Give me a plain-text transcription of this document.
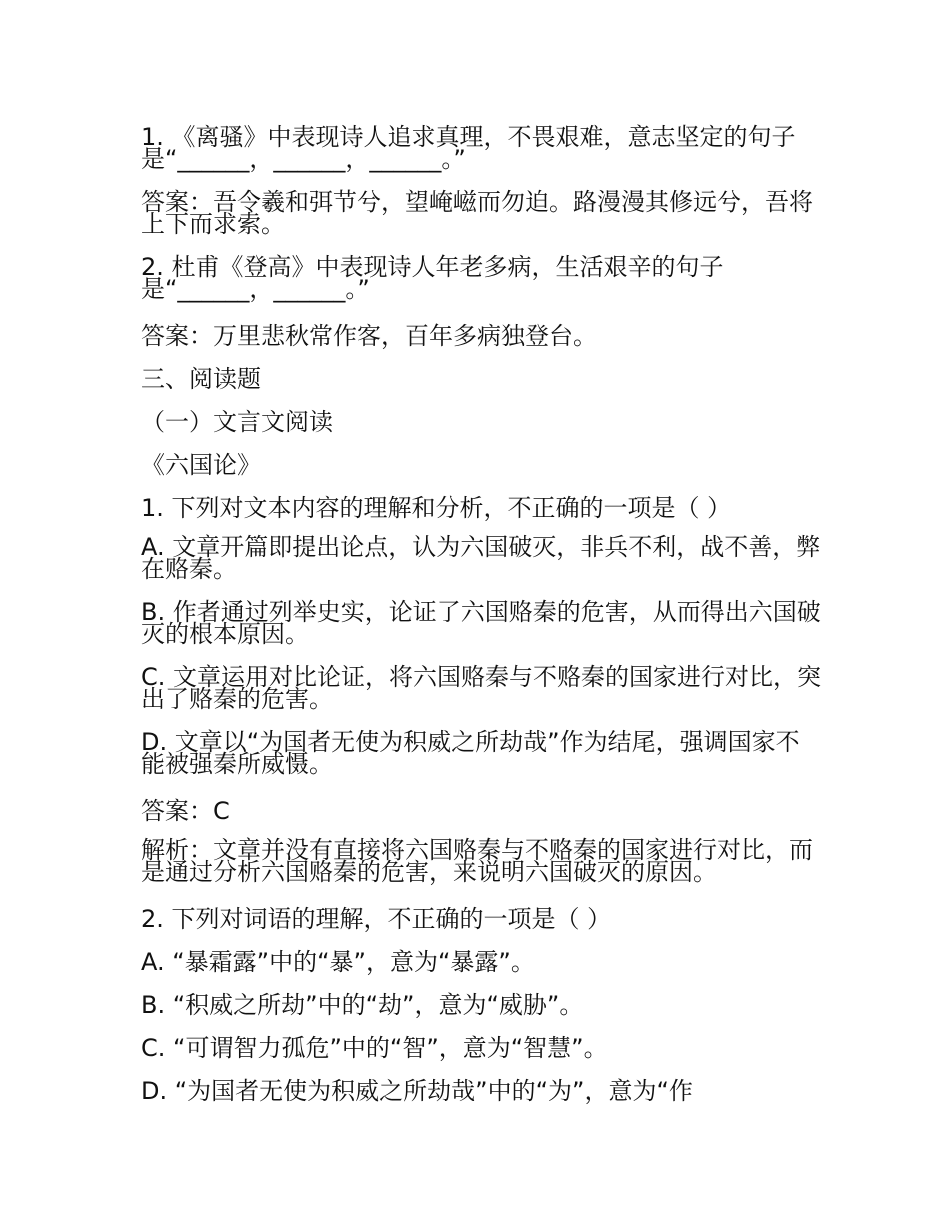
1. 《离骚》中表现诗人追求真理，不畏艰难，意志坚定的句子是“______，______，______。”

答案：吾令羲和弭节兮，望崦嵫而勿迫。路漫漫其修远兮，吾将上下而求索。

2. 杜甫《登高》中表现诗人年老多病，生活艰辛的句子是“______，______。”

答案：万里悲秋常作客，百年多病独登台。

三、阅读题

（一）文言文阅读

《六国论》

1. 下列对文本内容的理解和分析，不正确的一项是（ ）

A. 文章开篇即提出论点，认为六国破灭，非兵不利，战不善，弊在赂秦。

B. 作者通过列举史实，论证了六国赂秦的危害，从而得出六国破灭的根本原因。

C. 文章运用对比论证，将六国赂秦与不赂秦的国家进行对比，突出了赂秦的危害。

D. 文章以“为国者无使为积威之所劫哉”作为结尾，强调国家不能被强秦所威慑。

答案：C

解析：文章并没有直接将六国赂秦与不赂秦的国家进行对比，而是通过分析六国赂秦的危害，来说明六国破灭的原因。

2. 下列对词语的理解，不正确的一项是（ ）

A. “暴霜露”中的“暴”，意为“暴露”。

B. “积威之所劫”中的“劫”，意为“威胁”。

C. “可谓智力孤危”中的“智”，意为“智慧”。

D. “为国者无使为积威之所劫哉”中的“为”，意为“作
